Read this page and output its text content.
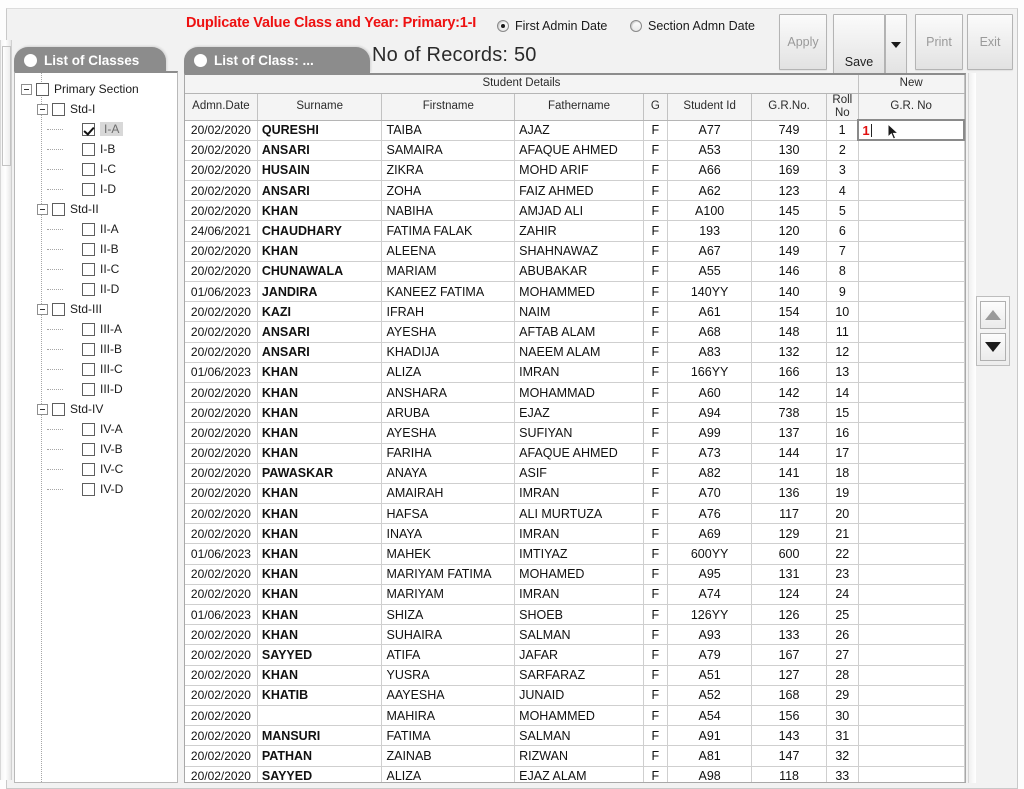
Duplicate Value Class and Year: Primary:1-I	First Admin Date	Section Admn Date
Apply
Save
Print Exit
List of Classes	List of Class: ...	No of Records: 50
Primary Section
Std-I
I-A
I-B
I-C
I-D
Std-II
II-A
II-B
II-C
II-D
Std-III
III-A
III-B
III-C
III-D
Std-IV
IV-A
IV-B
IV-C
IV-D
Student Details								New
Admn.Date	Surname	Firstname	Fathername	G	Student Id	G.R.No.	Roll
No	G.R. No
20/02/2020	QURESHI	TAIBA	AJAZ	F	A77	749	1	1

20/02/2020	ANSARI	SAMAIRA	AFAQUE AHMED	F	A53	130	2	
20/02/2020	HUSAIN	ZIKRA	MOHD ARIF	F	A66	169	3	
20/02/2020	ANSARI	ZOHA	FAIZ AHMED	F	A62	123	4	
20/02/2020	KHAN	NABIHA	AMJAD ALI	F	A100	145	5	
24/06/2021	CHAUDHARY	FATIMA FALAK	ZAHIR	F	193	120	6	
20/02/2020	KHAN	ALEENA	SHAHNAWAZ	F	A67	149	7	
20/02/2020	CHUNAWALA	MARIAM	ABUBAKAR	F	A55	146	8	
01/06/2023	JANDIRA	KANEEZ FATIMA	MOHAMMED	F	140YY	140	9	
20/02/2020	KAZI	IFRAH	NAIM	F	A61	154	10	
20/02/2020	ANSARI	AYESHA	AFTAB ALAM	F	A68	148	11	
20/02/2020	ANSARI	KHADIJA	NAEEM ALAM	F	A83	132	12	
01/06/2023	KHAN	ALIZA	IMRAN	F	166YY	166	13	
20/02/2020	KHAN	ANSHARA	MOHAMMAD	F	A60	142	14	
20/02/2020	KHAN	ARUBA	EJAZ	F	A94	738	15	
20/02/2020	KHAN	AYESHA	SUFIYAN	F	A99	137	16	
20/02/2020	KHAN	FARIHA	AFAQUE AHMED	F	A73	144	17	
20/02/2020	PAWASKAR	ANAYA	ASIF	F	A82	141	18	
20/02/2020	KHAN	AMAIRAH	IMRAN	F	A70	136	19	
20/02/2020	KHAN	HAFSA	ALI MURTUZA	F	A76	117	20	
20/02/2020	KHAN	INAYA	IMRAN	F	A69	129	21	
01/06/2023	KHAN	MAHEK	IMTIYAZ	F	600YY	600	22	
20/02/2020	KHAN	MARIYAM FATIMA	MOHAMED	F	A95	131	23	
20/02/2020	KHAN	MARIYAM	IMRAN	F	A74	124	24	
01/06/2023	KHAN	SHIZA	SHOEB	F	126YY	126	25	
20/02/2020	KHAN	SUHAIRA	SALMAN	F	A93	133	26	
20/02/2020	SAYYED	ATIFA	JAFAR	F	A79	167	27	
20/02/2020	KHAN	YUSRA	SARFARAZ	F	A51	127	28	
20/02/2020	KHATIB	AAYESHA	JUNAID	F	A52	168	29	
20/02/2020		MAHIRA	MOHAMMED	F	A54	156	30	
20/02/2020	MANSURI	FATIMA	SALMAN	F	A91	143	31	
20/02/2020	PATHAN	ZAINAB	RIZWAN	F	A81	147	32	
20/02/2020	SAYYED	ALIZA	EJAZ ALAM	F	A98	118	33	
